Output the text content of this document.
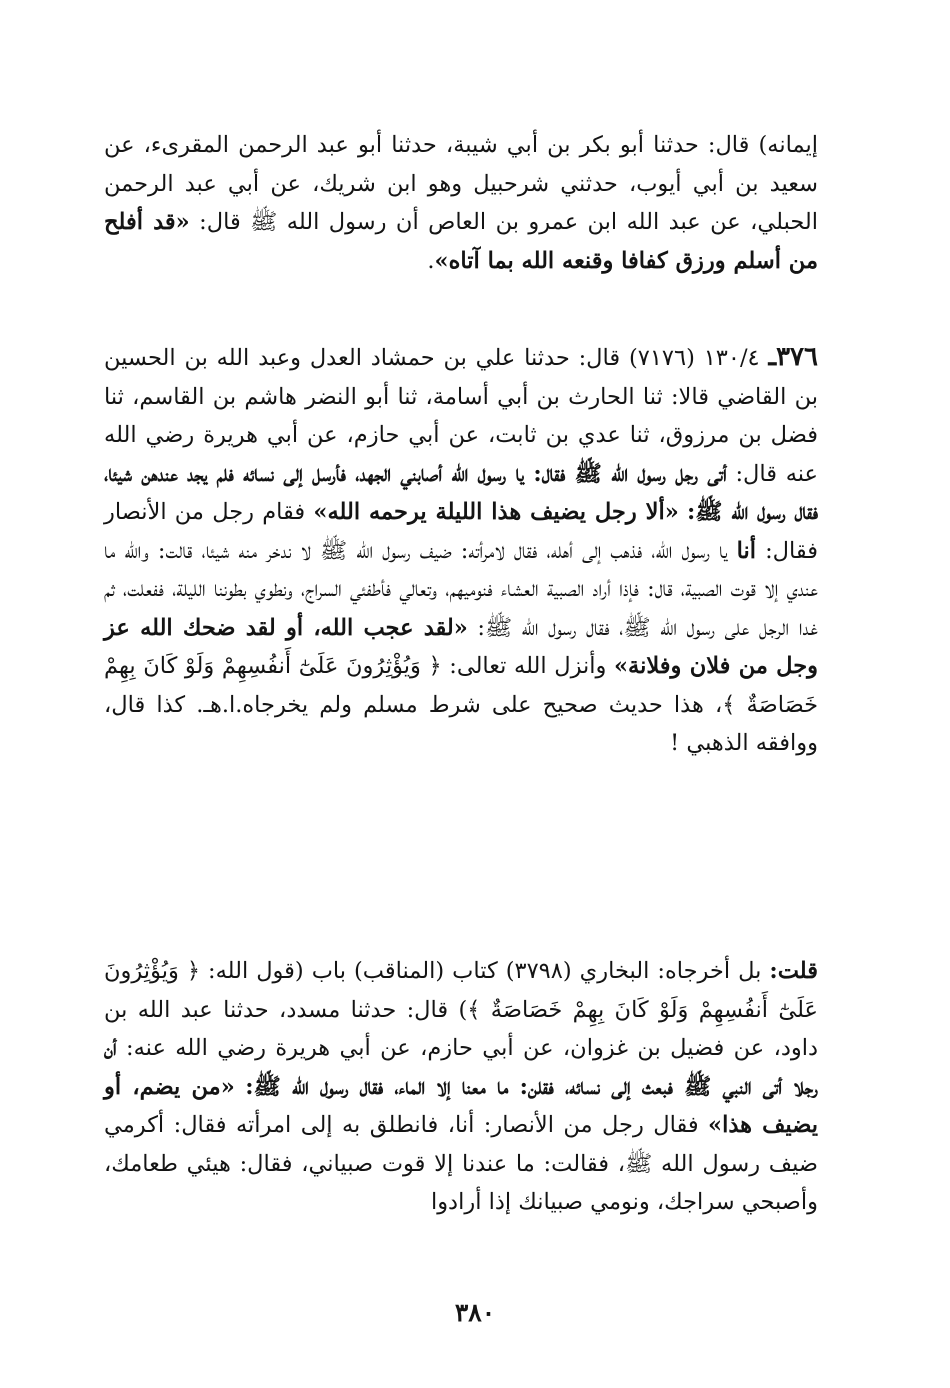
إيمانه) قال: حدثنا أبو بكر بن أبي شيبة، حدثنا أبو عبد الرحمن المقرىء، عن سعيد بن أبي أيوب، حدثني شرحبيل وهو ابن شريك، عن أبي عبد الرحمن الحبلي، عن عبد الله ابن عمرو بن العاص أن رسول الله ﷺ قال: «قد أفلح من أسلم ورزق كفافا وقنعه الله بما آتاه».

٣٧٦ـ ١٣٠/٤ (٧١٧٦) قال: حدثنا علي بن حمشاد العدل وعبد الله بن الحسين بن القاضي قالا: ثنا الحارث بن أبي أسامة، ثنا أبو النضر هاشم بن القاسم، ثنا فضل بن مرزوق، ثنا عدي بن ثابت، عن أبي حازم، عن أبي هريرة رضي الله عنه قال: أتى رجل رسول الله ﷺ فقال: يا رسول الله أصابني الجهد، فأرسل إلى نسائه فلم يجد عندهن شيئا، فقال رسول الله ﷺ: «ألا رجل يضيف هذا الليلة يرحمه الله» فقام رجل من الأنصار فقال: أنا يا رسول الله، فذهب إلى أهله، فقال لامرأته: ضيف رسول الله ﷺ لا ندخر منه شيئا، قالت: والله ما عندي إلا قوت الصبية، قال: فإذا أراد الصبية العشاء فنوميهم، وتعالي فأطفئي السراج، ونطوي بطوننا الليلة، ففعلت، ثم غدا الرجل على رسول الله ﷺ، فقال رسول الله ﷺ: «لقد عجب الله، أو لقد ضحك الله عز وجل من فلان وفلانة» وأنزل الله تعالى: ﴿ وَيُؤْثِرُونَ عَلَىٰٓ أَنفُسِهِمْ وَلَوْ كَانَ بِهِمْ خَصَاصَةٌ ﴾، هذا حديث صحيح على شرط مسلم ولم يخرجاه.ا.هـ. كذا قال، ووافقه الذهبي !

قلت: بل أخرجاه: البخاري (٣٧٩٨) كتاب (المناقب) باب (قول الله: ﴿ وَيُؤْثِرُونَ عَلَىٰٓ أَنفُسِهِمْ وَلَوْ كَانَ بِهِمْ خَصَاصَةٌ ﴾) قال: حدثنا مسدد، حدثنا عبد الله بن داود، عن فضيل بن غزوان، عن أبي حازم، عن أبي هريرة رضي الله عنه: أن رجلا أتى النبي ﷺ فبعث إلى نسائه، فقلن: ما معنا إلا الماء، فقال رسول الله ﷺ: «من يضم، أو يضيف هذا» فقال رجل من الأنصار: أنا، فانطلق به إلى امرأته فقال: أكرمي ضيف رسول الله ﷺ، فقالت: ما عندنا إلا قوت صبياني، فقال: هيئي طعامك، وأصبحي سراجك، ونومي صبيانك إذا أرادوا

٣٨٠
